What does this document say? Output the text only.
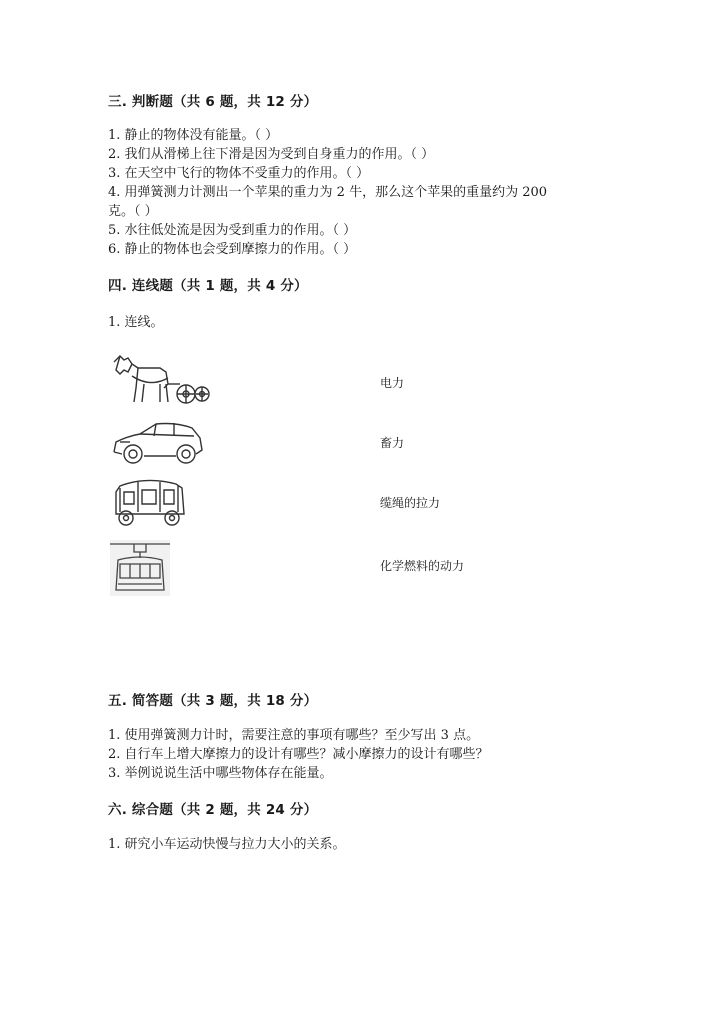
三. 判断题（共 6 题，共 12 分）
1. 静止的物体没有能量。（ ）
2. 我们从滑梯上往下滑是因为受到自身重力的作用。（ ）
3. 在天空中飞行的物体不受重力的作用。（ ）
4. 用弹簧测力计测出一个苹果的重力为 2 牛，那么这个苹果的重量约为 200
克。（ ）
5. 水往低处流是因为受到重力的作用。（ ）
6. 静止的物体也会受到摩擦力的作用。（ ）
四. 连线题（共 1 题，共 4 分）
1. 连线。
电力
畜力
缆绳的拉力
化学燃料的动力
五. 简答题（共 3 题，共 18 分）
1. 使用弹簧测力计时，需要注意的事项有哪些？至少写出 3 点。
2. 自行车上增大摩擦力的设计有哪些？减小摩擦力的设计有哪些？
3. 举例说说生活中哪些物体存在能量。
六. 综合题（共 2 题，共 24 分）
1. 研究小车运动快慢与拉力大小的关系。
